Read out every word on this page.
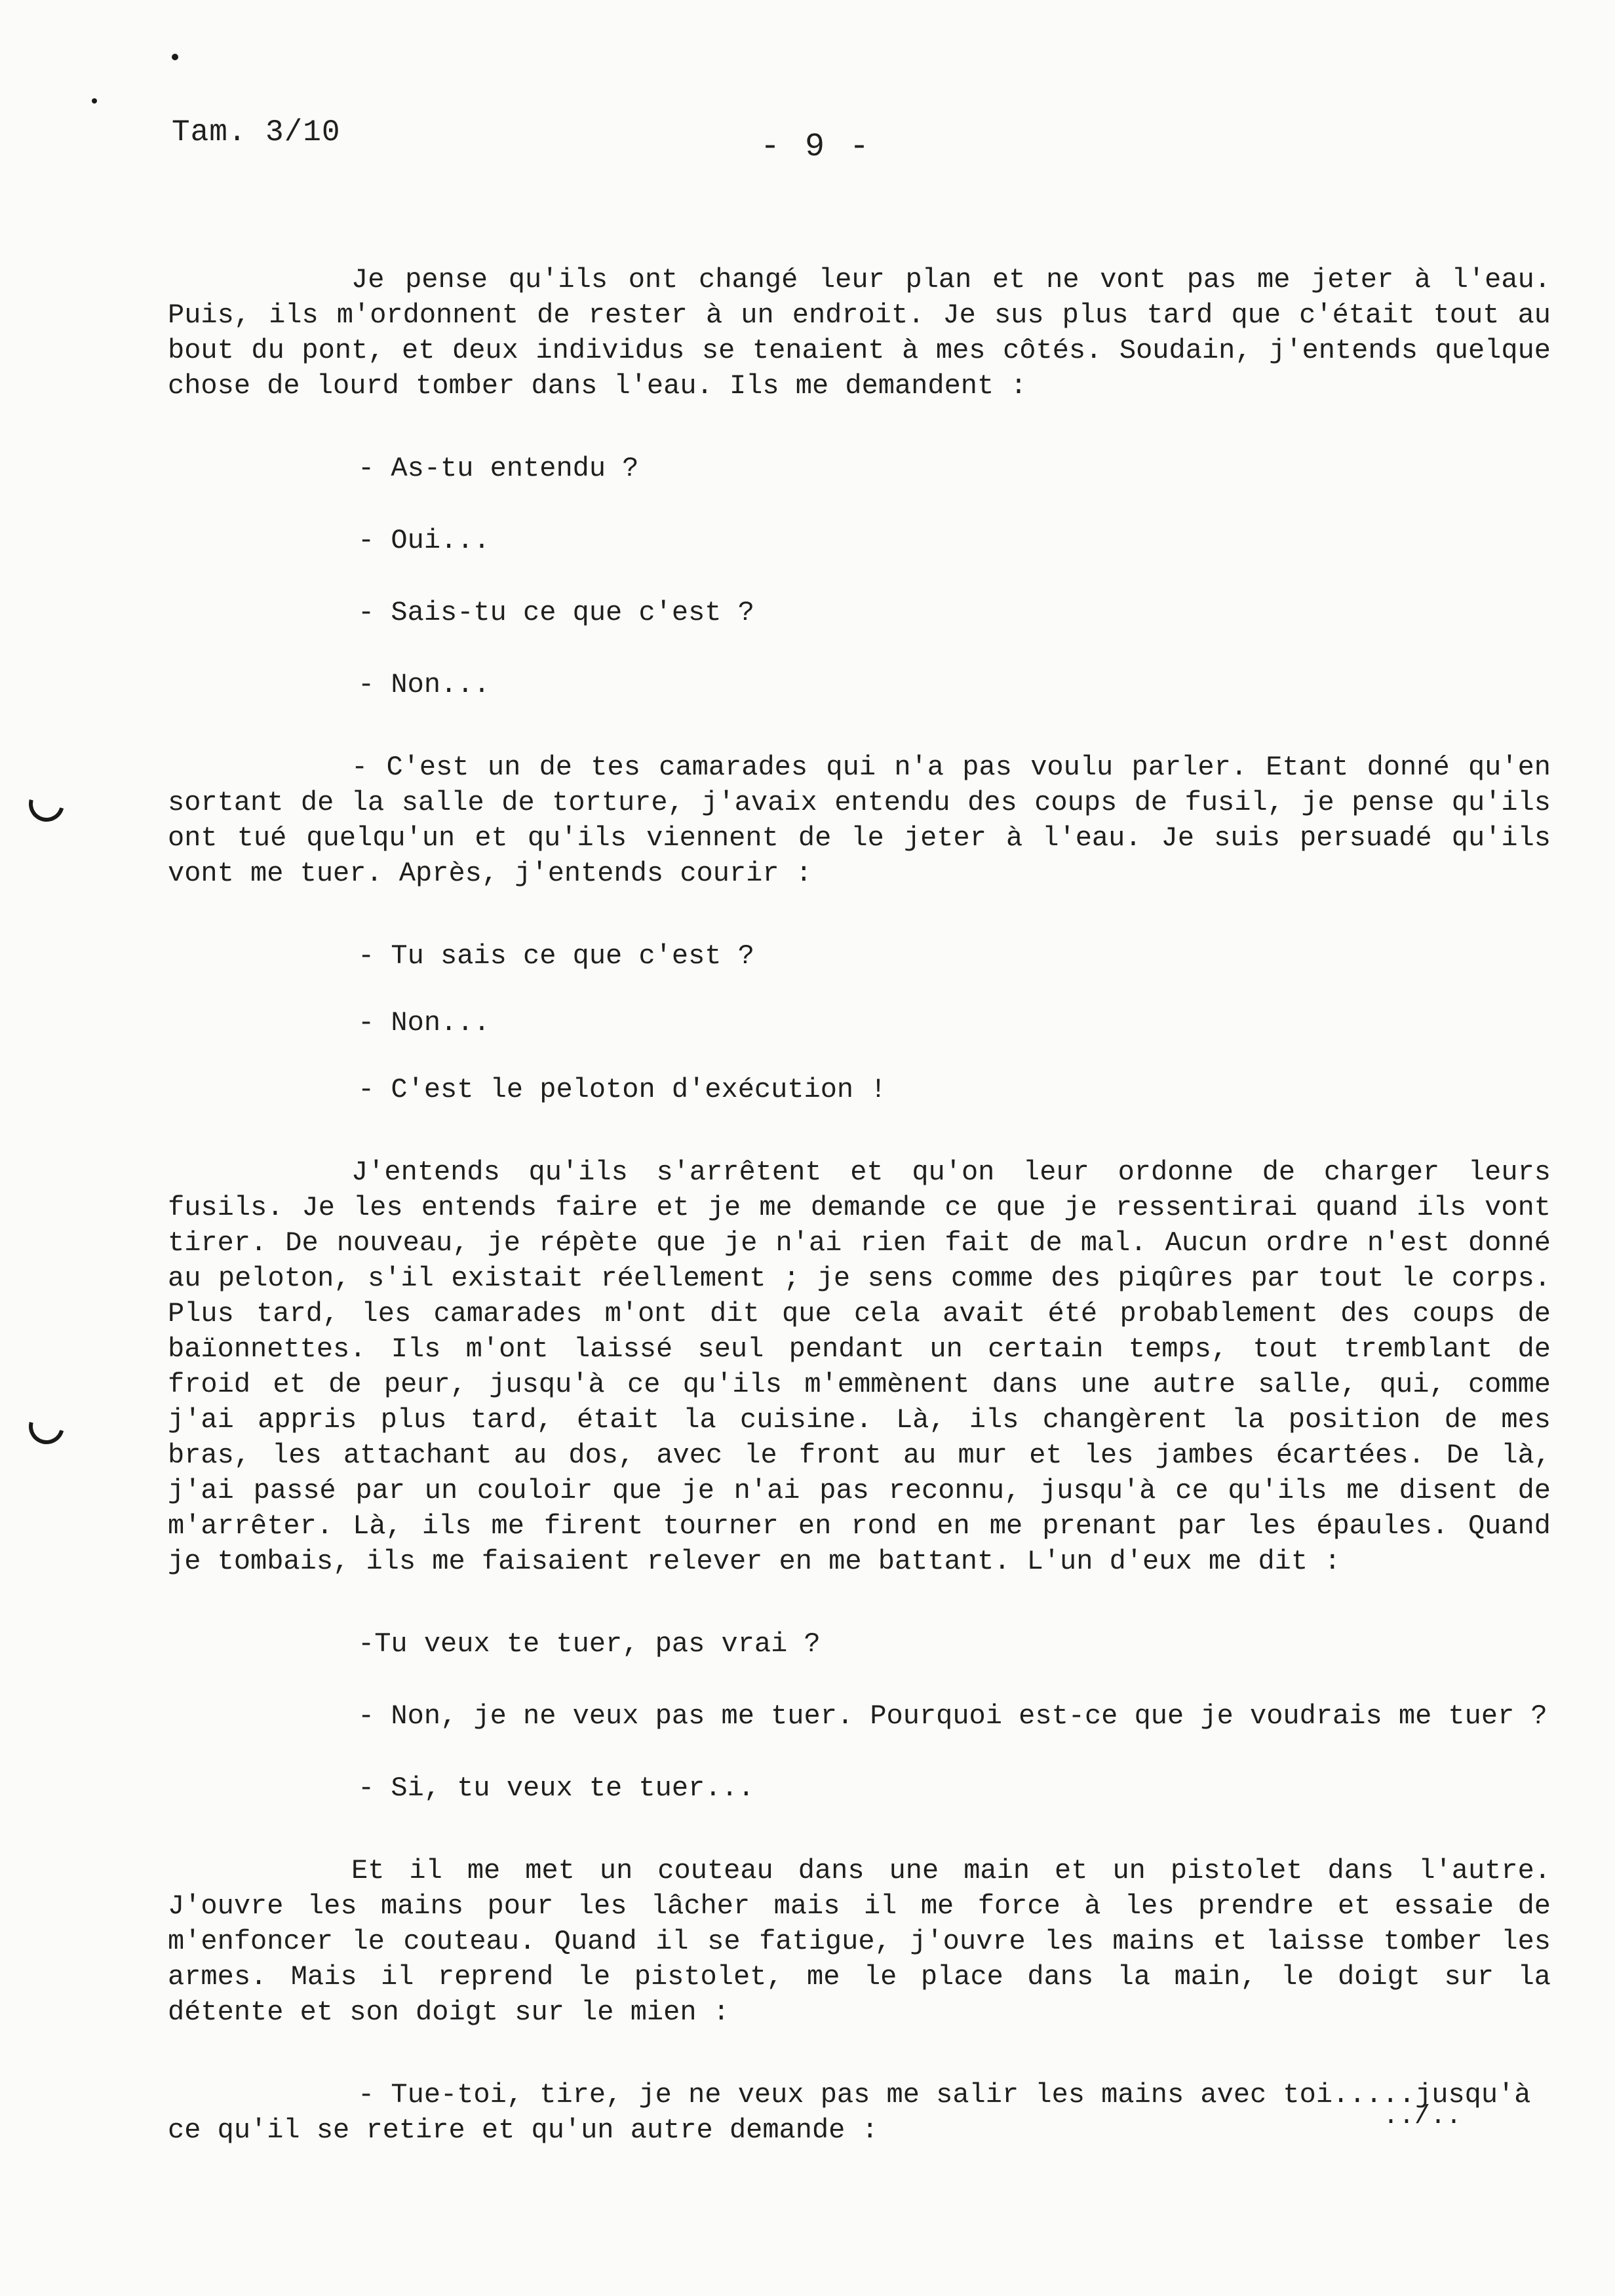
Tam. 3/10	- 9 -

Je pense qu'ils ont changé leur plan et ne vont pas me jeter à l'eau. Puis, ils m'ordonnent de rester à un endroit. Je sus plus tard que c'était tout au bout du pont, et deux individus se tenaient à mes côtés. Soudain, j'entends quelque chose de lourd tomber dans l'eau. Ils me demandent :

- As-tu entendu ?

- Oui...

- Sais-tu ce que c'est ?

- Non...

- C'est un de tes camarades qui n'a pas voulu parler. Etant donné qu'en sortant de la salle de torture, j'avaix entendu des coups de fusil, je pense qu'ils ont tué quelqu'un et qu'ils viennent de le jeter à l'eau. Je suis persuadé qu'ils vont me tuer. Après, j'entends courir :

- Tu sais ce que c'est ?

- Non...

- C'est le peloton d'exécution !

J'entends qu'ils s'arrêtent et qu'on leur ordonne de charger leurs fusils. Je les entends faire et je me demande ce que je ressentirai quand ils vont tirer. De nouveau, je répète que je n'ai rien fait de mal. Aucun ordre n'est donné au peloton, s'il existait réellement ; je sens comme des piqûres par tout le corps. Plus tard, les camarades m'ont dit que cela avait été probablement des coups de baïonnettes. Ils m'ont laissé seul pendant un certain temps, tout tremblant de froid et de peur, jusqu'à ce qu'ils m'emmènent dans une autre salle, qui, comme j'ai appris plus tard, était la cuisine. Là, ils changèrent la position de mes bras, les attachant au dos, avec le front au mur et les jambes écartées. De là, j'ai passé par un couloir que je n'ai pas reconnu, jusqu'à ce qu'ils me disent de m'arrêter. Là, ils me firent tourner en rond en me prenant par les épaules. Quand je tombais, ils me faisaient relever en me battant. L'un d'eux me dit :

-Tu veux te tuer, pas vrai ?

- Non, je ne veux pas me tuer. Pourquoi est-ce que je voudrais me tuer ?

- Si, tu veux te tuer...

Et il me met un couteau dans une main et un pistolet dans l'autre. J'ouvre les mains pour les lâcher mais il me force à les prendre et essaie de m'enfoncer le couteau. Quand il se fatigue, j'ouvre les mains et laisse tomber les armes. Mais il reprend le pistolet, me le place dans la main, le doigt sur la détente et son doigt sur le mien :

- Tue-toi, tire, je ne veux pas me salir les mains avec toi.....jusqu'à ce qu'il se retire et qu'un autre demande :	../..
